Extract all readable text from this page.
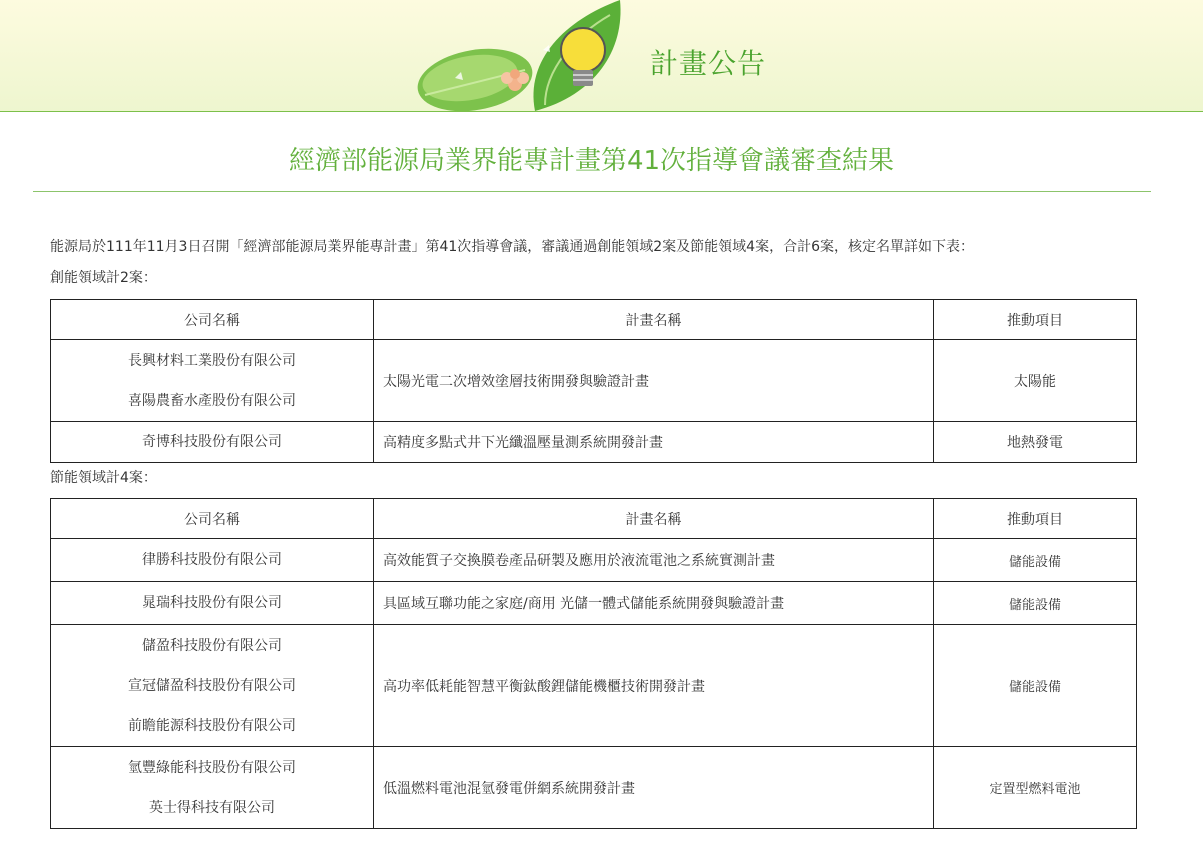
計畫公告
經濟部能源局業界能專計畫第41次指導會議審查結果
能源局於111年11月3日召開「經濟部能源局業界能專計畫」第41次指導會議，審議通過創能領域2案及節能領域4案，合計6案，核定名單詳如下表：
創能領域計2案：
公司名稱	計畫名稱	推動項目

長興材料工業股份有限公司
喜陽農畜水產股份有限公司	太陽光電二次增效塗層技術開發與驗證計畫	太陽能

奇博科技股份有限公司	高精度多點式井下光纖溫壓量測系統開發計畫	地熱發電
節能領域計4案：
公司名稱	計畫名稱	推動項目

律勝科技股份有限公司	高效能質子交換膜卷產品研製及應用於液流電池之系統實測計畫	儲能設備

晁瑞科技股份有限公司	具區域互聯功能之家庭/商用 光儲一體式儲能系統開發與驗證計畫	儲能設備

儲盈科技股份有限公司
宣冠儲盈科技股份有限公司
前瞻能源科技股份有限公司	高功率低耗能智慧平衡鈦酸鋰儲能機櫃技術開發計畫	儲能設備

氫豐綠能科技股份有限公司
英士得科技有限公司	低溫燃料電池混氫發電併網系統開發計畫	定置型燃料電池
